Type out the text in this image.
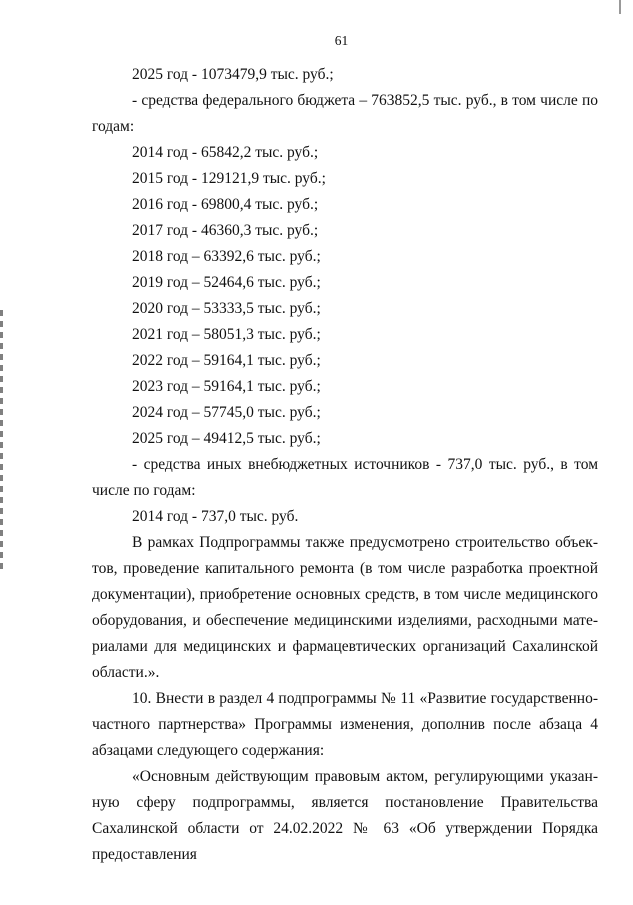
61

2025 год - 1073479,9 тыс. руб.;

- средства федерального бюджета – 763852,5 тыс. руб., в том числе по годам:

2014 год - 65842,2 тыс. руб.;

2015 год - 129121,9 тыс. руб.;

2016 год - 69800,4 тыс. руб.;

2017 год - 46360,3 тыс. руб.;

2018 год – 63392,6 тыс. руб.;

2019 год – 52464,6 тыс. руб.;

2020 год – 53333,5 тыс. руб.;

2021 год – 58051,3 тыс. руб.;

2022 год – 59164,1 тыс. руб.;

2023 год – 59164,1 тыс. руб.;

2024 год – 57745,0 тыс. руб.;

2025 год – 49412,5 тыс. руб.;

- средства иных внебюджетных источников - 737,0 тыс. руб., в том числе по годам:

2014 год - 737,0 тыс. руб.

В рамках Подпрограммы также предусмотрено строительство объектов, проведение капитального ремонта (в том числе разработка проектной документации), приобретение основных средств, в том числе медицинского оборудования, и обеспечение медицинскими изделиями, расходными материалами для медицинских и фармацевтических организаций Сахалинской области.».

10. Внести в раздел 4 подпрограммы № 11 «Развитие государственно-частного партнерства» Программы изменения, дополнив после абзаца 4 абзацами следующего содержания:

«Основным действующим правовым актом, регулирующими указанную сферу подпрограммы, является постановление Правительства Сахалинской области от 24.02.2022 № 63 «Об утверждении Порядка предоставления
